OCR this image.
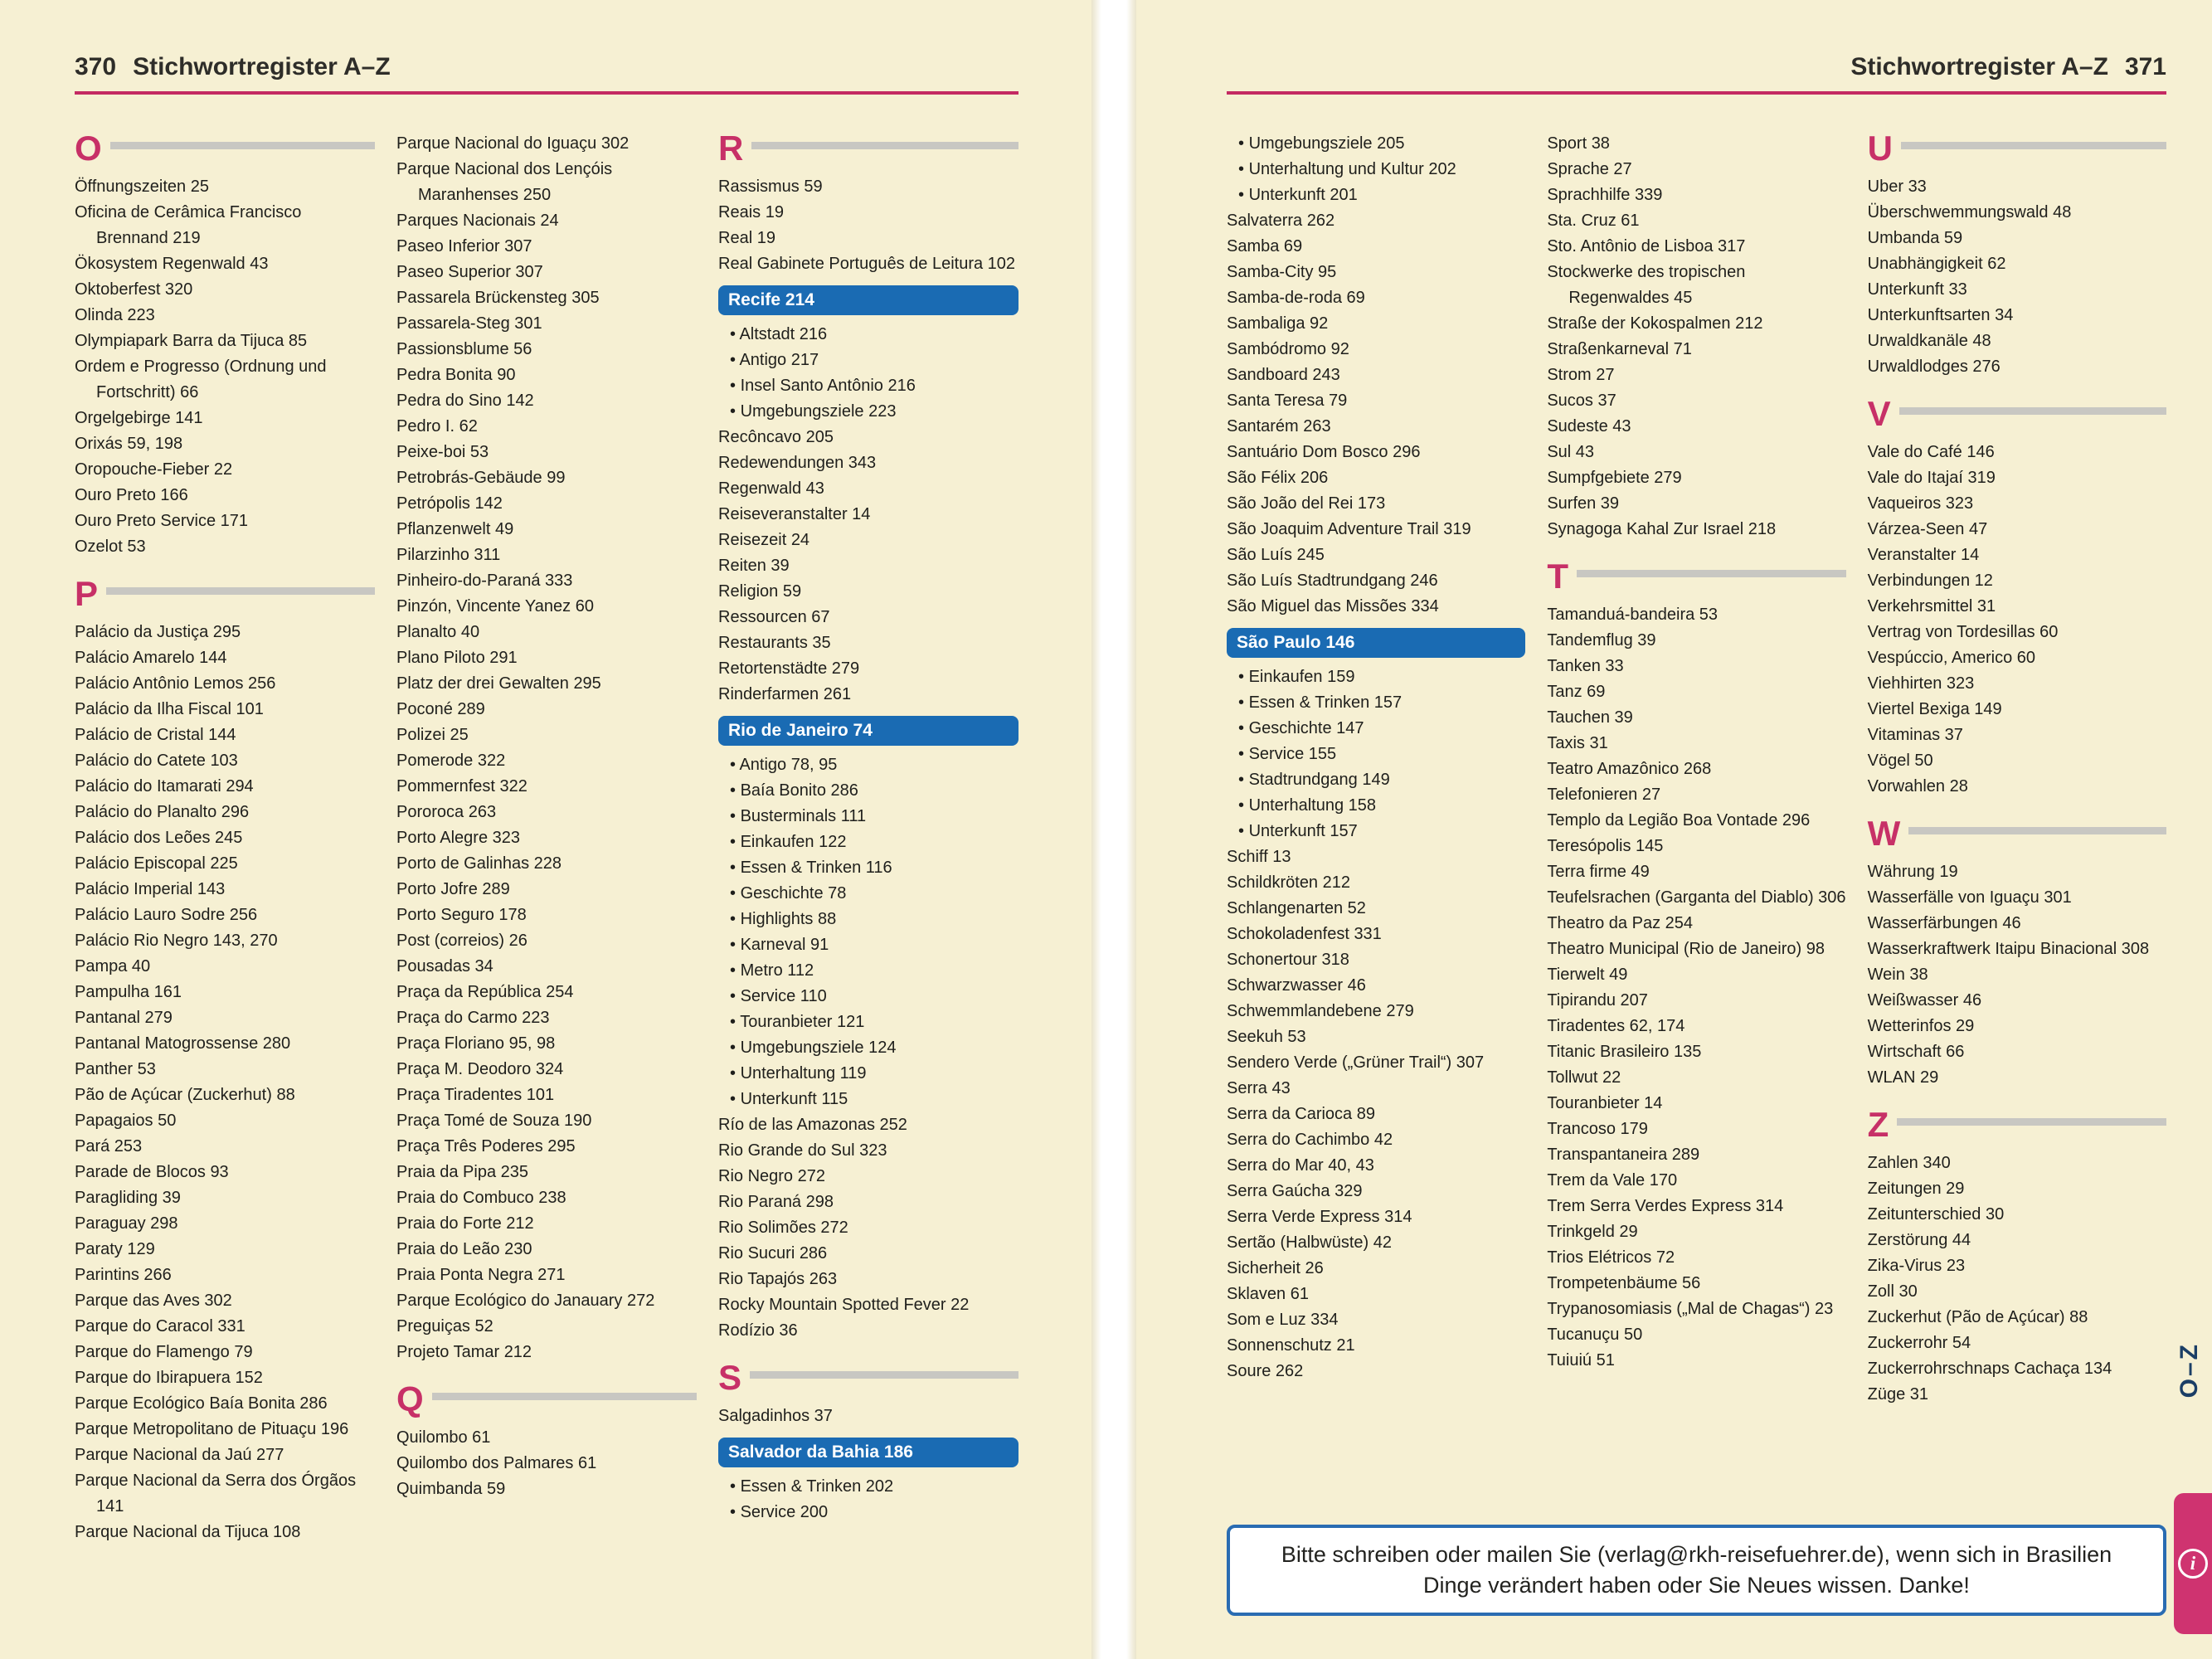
370 Stichwortregister A–Z
O
Öffnungszeiten 25
Oficina de Cerâmica Francisco Brennand 219
Ökosystem Regenwald 43
Oktoberfest 320
Olinda 223
Olympiapark Barra da Tijuca 85
Ordem e Progresso (Ordnung und Fortschritt) 66
Orgelgebirge 141
Orixás 59, 198
Oropouche-Fieber 22
Ouro Preto 166
Ouro Preto Service 171
Ozelot 53
P
Palácio da Justiça 295
Palácio Amarelo 144
Palácio Antônio Lemos 256
Palácio da Ilha Fiscal 101
Palácio de Cristal 144
Palácio do Catete 103
Palácio do Itamarati 294
Palácio do Planalto 296
Palácio dos Leões 245
Palácio Episcopal 225
Palácio Imperial 143
Palácio Lauro Sodre 256
Palácio Rio Negro 143, 270
Pampa 40
Pampulha 161
Pantanal 279
Pantanal Matogrossense 280
Panther 53
Pão de Açúcar (Zuckerhut) 88
Papagaios 50
Pará 253
Parade de Blocos 93
Paragliding 39
Paraguay 298
Paraty 129
Parintins 266
Parque das Aves 302
Parque do Caracol 331
Parque do Flamengo 79
Parque do Ibirapuera 152
Parque Ecológico Baía Bonita 286
Parque Metropolitano de Pituaçu 196
Parque Nacional da Jaú 277
Parque Nacional da Serra dos Órgãos 141
Parque Nacional da Tijuca 108
Parque Nacional do Iguaçu 302
Parque Nacional dos Lençóis Maranhenses 250
Parques Nacionais 24
Paseo Inferior 307
Paseo Superior 307
Passarela Brückensteg 305
Passarela-Steg 301
Passionsblume 56
Pedra Bonita 90
Pedra do Sino 142
Pedro I. 62
Peixe-boi 53
Petrobrás-Gebäude 99
Petrópolis 142
Pflanzenwelt 49
Pilarzinho 311
Pinheiro-do-Paraná 333
Pinzón, Vincente Yanez 60
Planalto 40
Plano Piloto 291
Platz der drei Gewalten 295
Poconé 289
Polizei 25
Pomerode 322
Pommernfest 322
Pororoca 263
Porto Alegre 323
Porto de Galinhas 228
Porto Jofre 289
Porto Seguro 178
Post (correios) 26
Pousadas 34
Praça da República 254
Praça do Carmo 223
Praça Floriano 95, 98
Praça M. Deodoro 324
Praça Tiradentes 101
Praça Tomé de Souza 190
Praça Três Poderes 295
Praia da Pipa 235
Praia do Combuco 238
Praia do Forte 212
Praia do Leão 230
Praia Ponta Negra 271
Parque Ecológico do Janauary 272
Preguiças 52
Projeto Tamar 212
Q
Quilombo 61
Quilombo dos Palmares 61
Quimbanda 59
R
Rassismus 59
Reais 19
Real 19
Real Gabinete Português de Leitura 102
Recife 214
• Altstadt 216
• Antigo 217
• Insel Santo Antônio 216
• Umgebungsziele 223
Recôncavo 205
Redewendungen 343
Regenwald 43
Reiseveranstalter 14
Reisezeit 24
Reiten 39
Religion 59
Ressourcen 67
Restaurants 35
Retortenstädte 279
Rinderfarmen 261
Rio de Janeiro 74
• Antigo 78, 95
• Baía Bonito 286
• Busterminals 111
• Einkaufen 122
• Essen & Trinken 116
• Geschichte 78
• Highlights 88
• Karneval 91
• Metro 112
• Service 110
• Touranbieter 121
• Umgebungsziele 124
• Unterhaltung 119
• Unterkunft 115
Río de las Amazonas 252
Rio Grande do Sul 323
Rio Negro 272
Rio Paraná 298
Rio Solimões 272
Rio Sucuri 286
Rio Tapajós 263
Rocky Mountain Spotted Fever 22
Rodízio 36
S
Salgadinhos 37
Salvador da Bahia 186
• Essen & Trinken 202
• Service 200
Stichwortregister A–Z 371
• Umgebungsziele 205
• Unterhaltung und Kultur 202
• Unterkunft 201
Salvaterra 262
Samba 69
Samba-City 95
Samba-de-roda 69
Sambaliga 92
Sambódromo 92
Sandboard 243
Santa Teresa 79
Santarém 263
Santuário Dom Bosco 296
São Félix 206
São João del Rei 173
São Joaquim Adventure Trail 319
São Luís 245
São Luís Stadtrundgang 246
São Miguel das Missões 334
São Paulo 146
• Einkaufen 159
• Essen & Trinken 157
• Geschichte 147
• Service 155
• Stadtrundgang 149
• Unterhaltung 158
• Unterkunft 157
Schiff 13
Schildkröten 212
Schlangenarten 52
Schokoladenfest 331
Schonertour 318
Schwarzwasser 46
Schwemmlandebene 279
Seekuh 53
Sendero Verde („Grüner Trail“) 307
Serra 43
Serra da Carioca 89
Serra do Cachimbo 42
Serra do Mar 40, 43
Serra Gaúcha 329
Serra Verde Express 314
Sertão (Halbwüste) 42
Sicherheit 26
Sklaven 61
Som e Luz 334
Sonnenschutz 21
Soure 262
Sport 38
Sprache 27
Sprachhilfe 339
Sta. Cruz 61
Sto. Antônio de Lisboa 317
Stockwerke des tropischen Regenwaldes 45
Straße der Kokospalmen 212
Straßenkarneval 71
Strom 27
Sucos 37
Sudeste 43
Sul 43
Sumpfgebiete 279
Surfen 39
Synagoga Kahal Zur Israel 218
T
Tamanduá-bandeira 53
Tandemflug 39
Tanken 33
Tanz 69
Tauchen 39
Taxis 31
Teatro Amazônico 268
Telefonieren 27
Templo da Legião Boa Vontade 296
Teresópolis 145
Terra firme 49
Teufelsrachen (Garganta del Diablo) 306
Theatro da Paz 254
Theatro Municipal (Rio de Janeiro) 98
Tierwelt 49
Tipirandu 207
Tiradentes 62, 174
Titanic Brasileiro 135
Tollwut 22
Touranbieter 14
Trancoso 179
Transpantaneira 289
Trem da Vale 170
Trem Serra Verdes Express 314
Trinkgeld 29
Trios Elétricos 72
Trompetenbäume 56
Trypanosomiasis („Mal de Chagas“) 23
Tucanuçu 50
Tuiuiú 51
U
Uber 33
Überschwemmungswald 48
Umbanda 59
Unabhängigkeit 62
Unterkunft 33
Unterkunftsarten 34
Urwaldkanäle 48
Urwaldlodges 276
V
Vale do Café 146
Vale do Itajaí 319
Vaqueiros 323
Várzea-Seen 47
Veranstalter 14
Verbindungen 12
Verkehrsmittel 31
Vertrag von Tordesillas 60
Vespúccio, Americo 60
Viehhirten 323
Viertel Bexiga 149
Vitaminas 37
Vögel 50
Vorwahlen 28
W
Währung 19
Wasserfälle von Iguaçu 301
Wasserfärbungen 46
Wasserkraftwerk Itaipu Binacional 308
Wein 38
Weißwasser 46
Wetterinfos 29
Wirtschaft 66
WLAN 29
Z
Zahlen 340
Zeitungen 29
Zeitunterschied 30
Zerstörung 44
Zika-Virus 23
Zoll 30
Zuckerhut (Pão de Açúcar) 88
Zuckerrohr 54
Zuckerrohrschnaps Cachaça 134
Züge 31
Bitte schreiben oder mailen Sie (verlag@rkh-reisefuehrer.de), wenn sich in Brasilien Dinge verändert haben oder Sie Neues wissen. Danke!
O–Z
i
